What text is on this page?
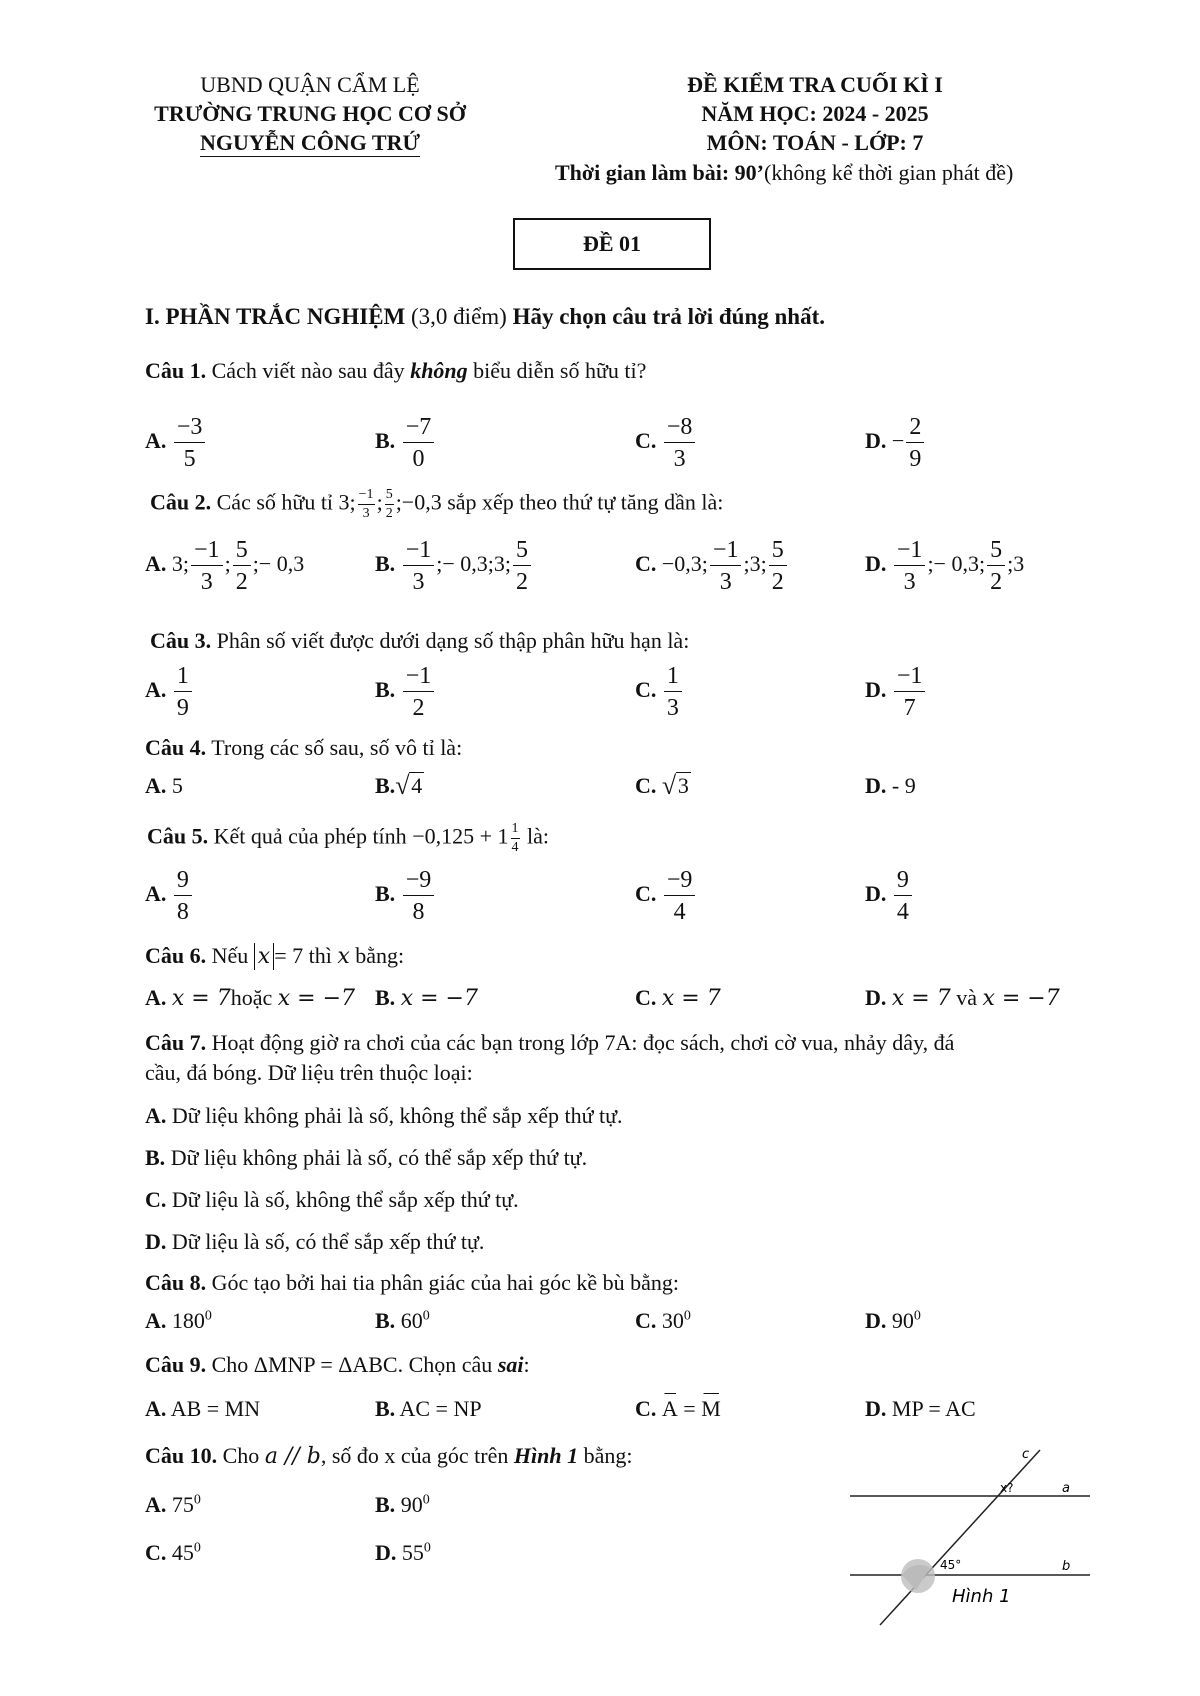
UBND QUẬN CẨM LỆ
TRƯỜNG TRUNG HỌC CƠ SỞ
NGUYỄN CÔNG TRỨ
ĐỀ KIỂM TRA CUỐI KÌ I
NĂM HỌC: 2024 - 2025
MÔN: TOÁN - LỚP: 7
Thời gian làm bài: 90’(không kể thời gian phát đề)
ĐỀ 01
I. PHẦN TRẮC NGHIỆM (3,0 điểm) Hãy chọn câu trả lời đúng nhất.
Câu 1. Cách viết nào sau đây không biểu diễn số hữu tỉ?
A. $\frac{-3}{5}$	B. $\frac{-7}{0}$	C. $\frac{-8}{3}$	D. − $\frac{2}{9}$
Câu 2. Các số hữu tỉ 3; $\frac{-1}{3}$ ; $\frac{5}{2}$ ;−0,3 sắp xếp theo thứ tự tăng dần là:
A. 3; $\frac{-1}{3}$ ; $\frac{5}{2}$ ;− 0,3	B. $\frac{-1}{3}$ ;− 0,3;3; $\frac{5}{2}$	C. −0,3; $\frac{-1}{3}$ ;3; $\frac{5}{2}$	D. $\frac{-1}{3}$ ;− 0,3; $\frac{5}{2}$ ;3
Câu 3. Phân số viết được dưới dạng số thập phân hữu hạn là:
A. $\frac{1}{9}$	B. $\frac{-1}{2}$	C. $\frac{1}{3}$	D. $\frac{-1}{7}$
Câu 4. Trong các số sau, số vô tỉ là:
A. 5	B. √ 4	C. √ 3	D. - 9
Câu 5. Kết quả của phép tính $-0,125 + 1 \frac{1}{4}$ là:
A. $\frac{9}{8}$	B. $\frac{-9}{8}$	C. $\frac{-9}{4}$	D. $\frac{9}{4}$
Câu 6. Nếu x = 7 thì x bằng:
A. x = 7hoặc x = −7 B. x = −7	C. x = 7	D. x = 7 và x = −7
Câu 7. Hoạt động giờ ra chơi của các bạn trong lớp 7A: đọc sách, chơi cờ vua, nhảy dây, đá
cầu, đá bóng. Dữ liệu trên thuộc loại:
A. Dữ liệu không phải là số, không thể sắp xếp thứ tự.
B. Dữ liệu không phải là số, có thể sắp xếp thứ tự.
C. Dữ liệu là số, không thể sắp xếp thứ tự.
D. Dữ liệu là số, có thể sắp xếp thứ tự.
Câu 8. Góc tạo bởi hai tia phân giác của hai góc kề bù bằng:
A. $180^0$	B. $60^0$	C. $30^0$	D. $90^0$
Câu 9. Cho ΔMNP = ΔABC. Chọn câu sai:
A. AB = MN	B. AC = NP	C. A = M	D. MP = AC
Câu 10. Cho a // b, số đo x của góc trên Hình 1 bằng:
A. $75^0$	B. $90^0$
C. $45^0$	D. $55^0$
c
x?	a
45°	b
Hình 1
